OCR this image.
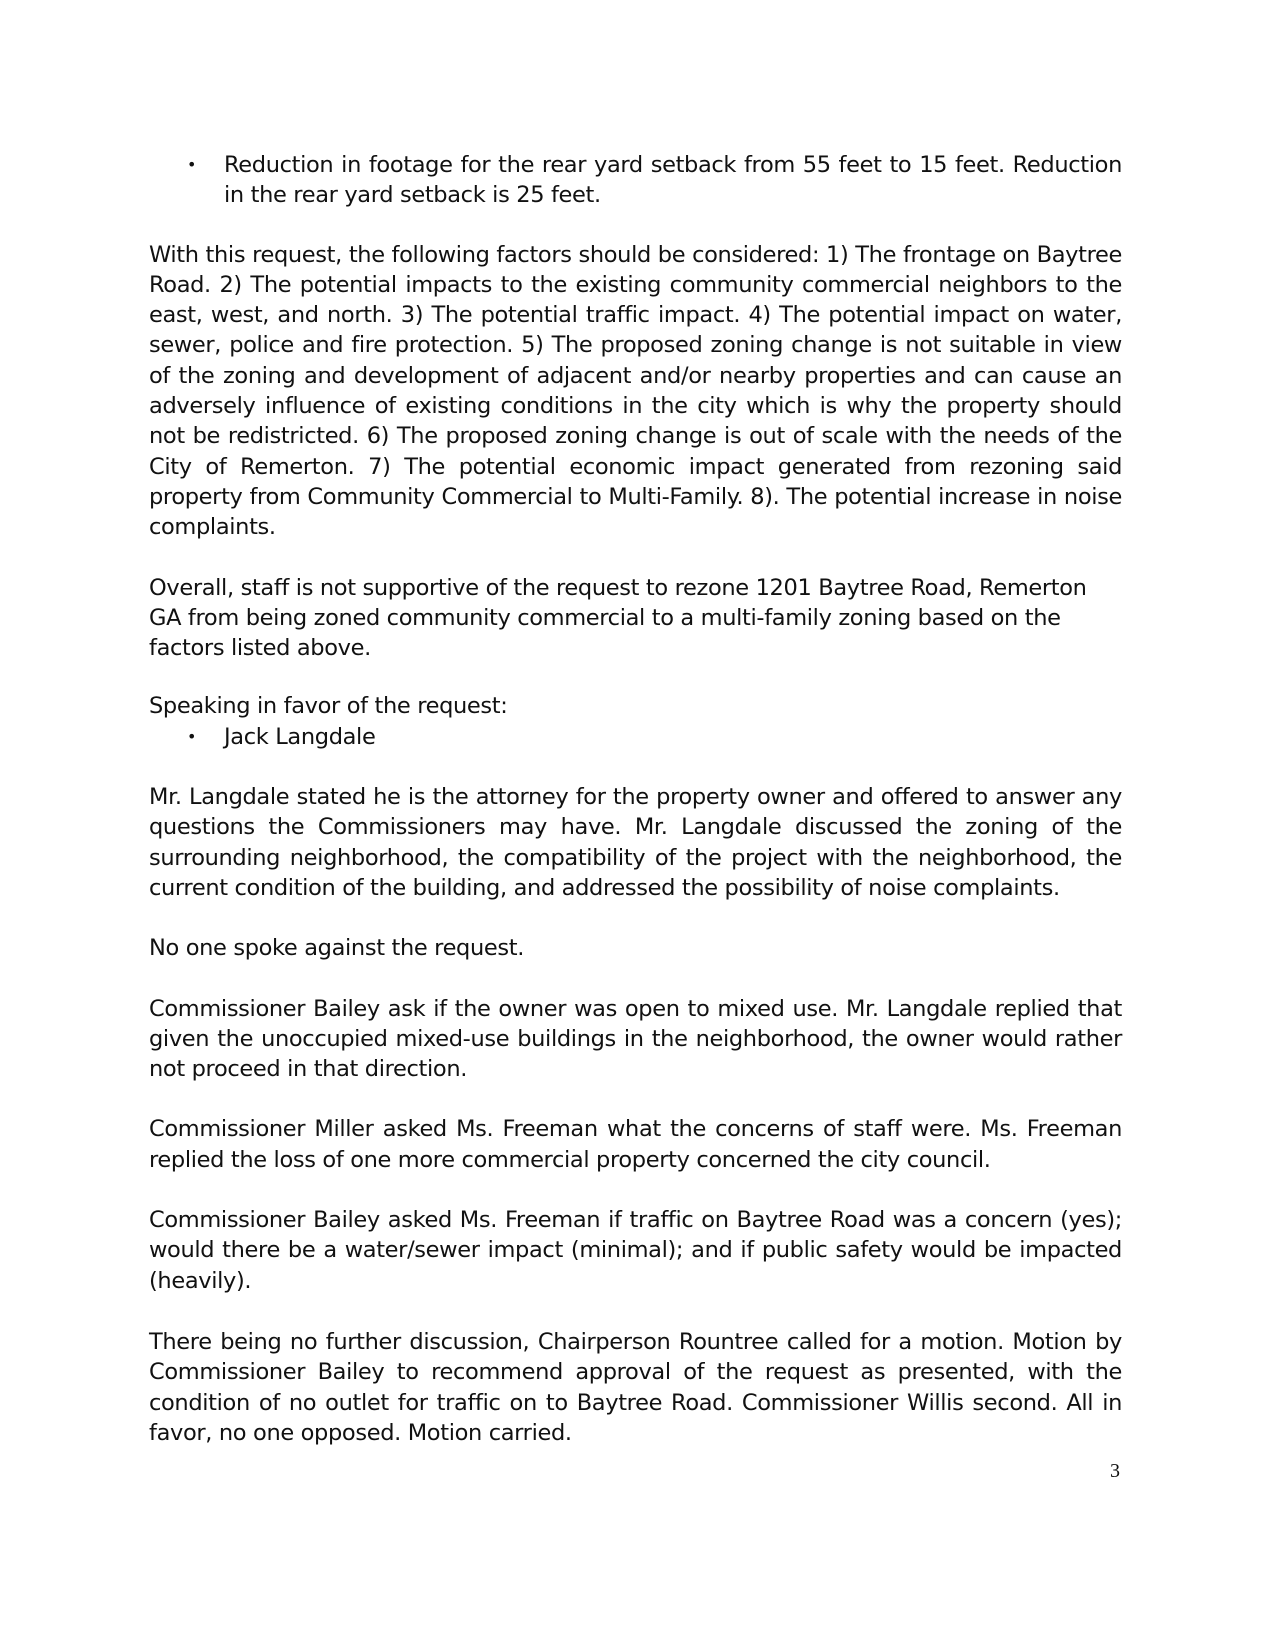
• Reduction in footage for the rear yard setback from 55 feet to 15 feet. Reduction in the rear yard setback is 25 feet.

With this request, the following factors should be considered: 1) The frontage on Baytree Road. 2) The potential impacts to the existing community commercial neighbors to the east, west, and north. 3) The potential traffic impact. 4) The potential impact on water, sewer, police and fire protection. 5) The proposed zoning change is not suitable in view of the zoning and development of adjacent and/or nearby properties and can cause an adversely influence of existing conditions in the city which is why the property should not be redistricted. 6) The proposed zoning change is out of scale with the needs of the City of Remerton. 7) The potential economic impact generated from rezoning said property from Community Commercial to Multi-Family. 8). The potential increase in noise complaints.

Overall, staff is not supportive of the request to rezone 1201 Baytree Road, Remerton GA from being zoned community commercial to a multi-family zoning based on the factors listed above.

Speaking in favor of the request:

• Jack Langdale

Mr. Langdale stated he is the attorney for the property owner and offered to answer any questions the Commissioners may have. Mr. Langdale discussed the zoning of the surrounding neighborhood, the compatibility of the project with the neighborhood, the current condition of the building, and addressed the possibility of noise complaints.

No one spoke against the request.

Commissioner Bailey ask if the owner was open to mixed use. Mr. Langdale replied that given the unoccupied mixed-use buildings in the neighborhood, the owner would rather not proceed in that direction.

Commissioner Miller asked Ms. Freeman what the concerns of staff were. Ms. Freeman replied the loss of one more commercial property concerned the city council.

Commissioner Bailey asked Ms. Freeman if traffic on Baytree Road was a concern (yes); would there be a water/sewer impact (minimal); and if public safety would be impacted (heavily).

There being no further discussion, Chairperson Rountree called for a motion. Motion by Commissioner Bailey to recommend approval of the request as presented, with the condition of no outlet for traffic on to Baytree Road. Commissioner Willis second. All in favor, no one opposed. Motion carried.

3
